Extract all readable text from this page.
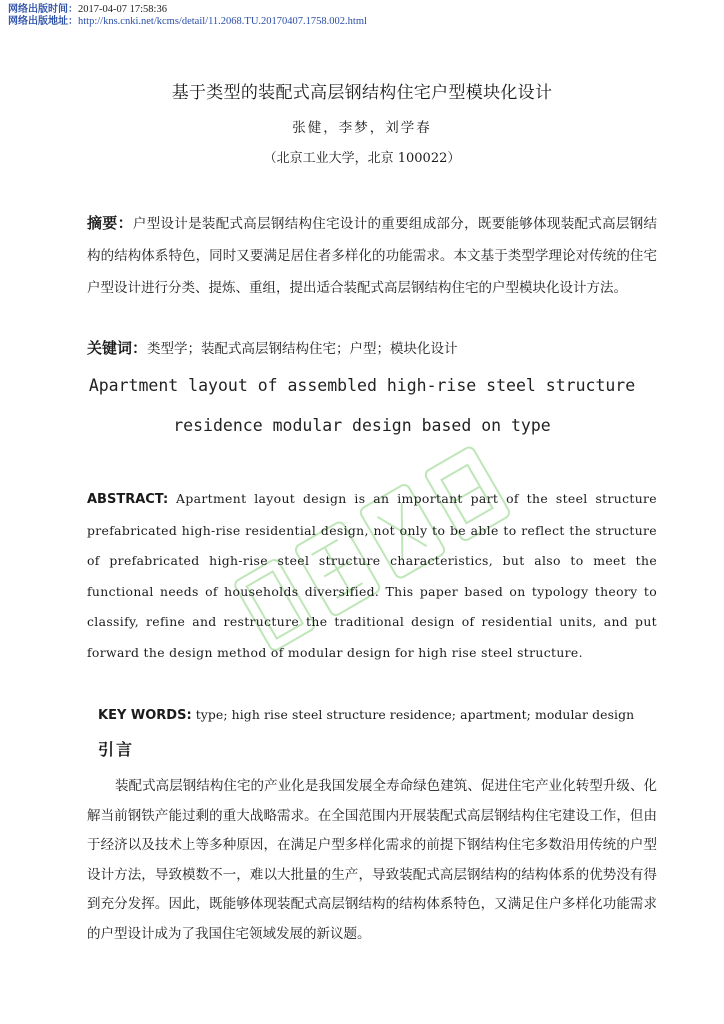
网络出版时间：2017-04-07 17:58:36
网络出版地址：http://kns.cnki.net/kcms/detail/11.2068.TU.20170407.1758.002.html
基于类型的装配式高层钢结构住宅户型模块化设计
张健，李梦，刘学春
（北京工业大学，北京 100022）
摘要：户型设计是装配式高层钢结构住宅设计的重要组成部分，既要能够体现装配式高层钢结构的结构体系特色，同时又要满足居住者多样化的功能需求。本文基于类型学理论对传统的住宅户型设计进行分类、提炼、重组，提出适合装配式高层钢结构住宅的户型模块化设计方法。
关键词：类型学；装配式高层钢结构住宅；户型；模块化设计
Apartment layout of assembled high-rise steel structure
residence modular design based on type
ABSTRACT: Apartment layout design is an important part of the steel structure prefabricated high-rise residential design, not only to be able to reflect the structure of prefabricated high-rise steel structure characteristics, but also to meet the functional needs of households diversified. This paper based on typology theory to classify, refine and restructure the traditional design of residential units, and put forward the design method of modular design for high rise steel structure.
KEY WORDS: type; high rise steel structure residence; apartment; modular design
引言
装配式高层钢结构住宅的产业化是我国发展全寿命绿色建筑、促进住宅产业化转型升级、化解当前钢铁产能过剩的重大战略需求。在全国范围内开展装配式高层钢结构住宅建设工作，但由于经济以及技术上等多种原因，在满足户型多样化需求的前提下钢结构住宅多数沿用传统的户型设计方法，导致模数不一，难以大批量的生产，导致装配式高层钢结构的结构体系的优势没有得到充分发挥。因此，既能够体现装配式高层钢结构的结构体系特色，又满足住户多样化功能需求的户型设计成为了我国住宅领域发展的新议题。
